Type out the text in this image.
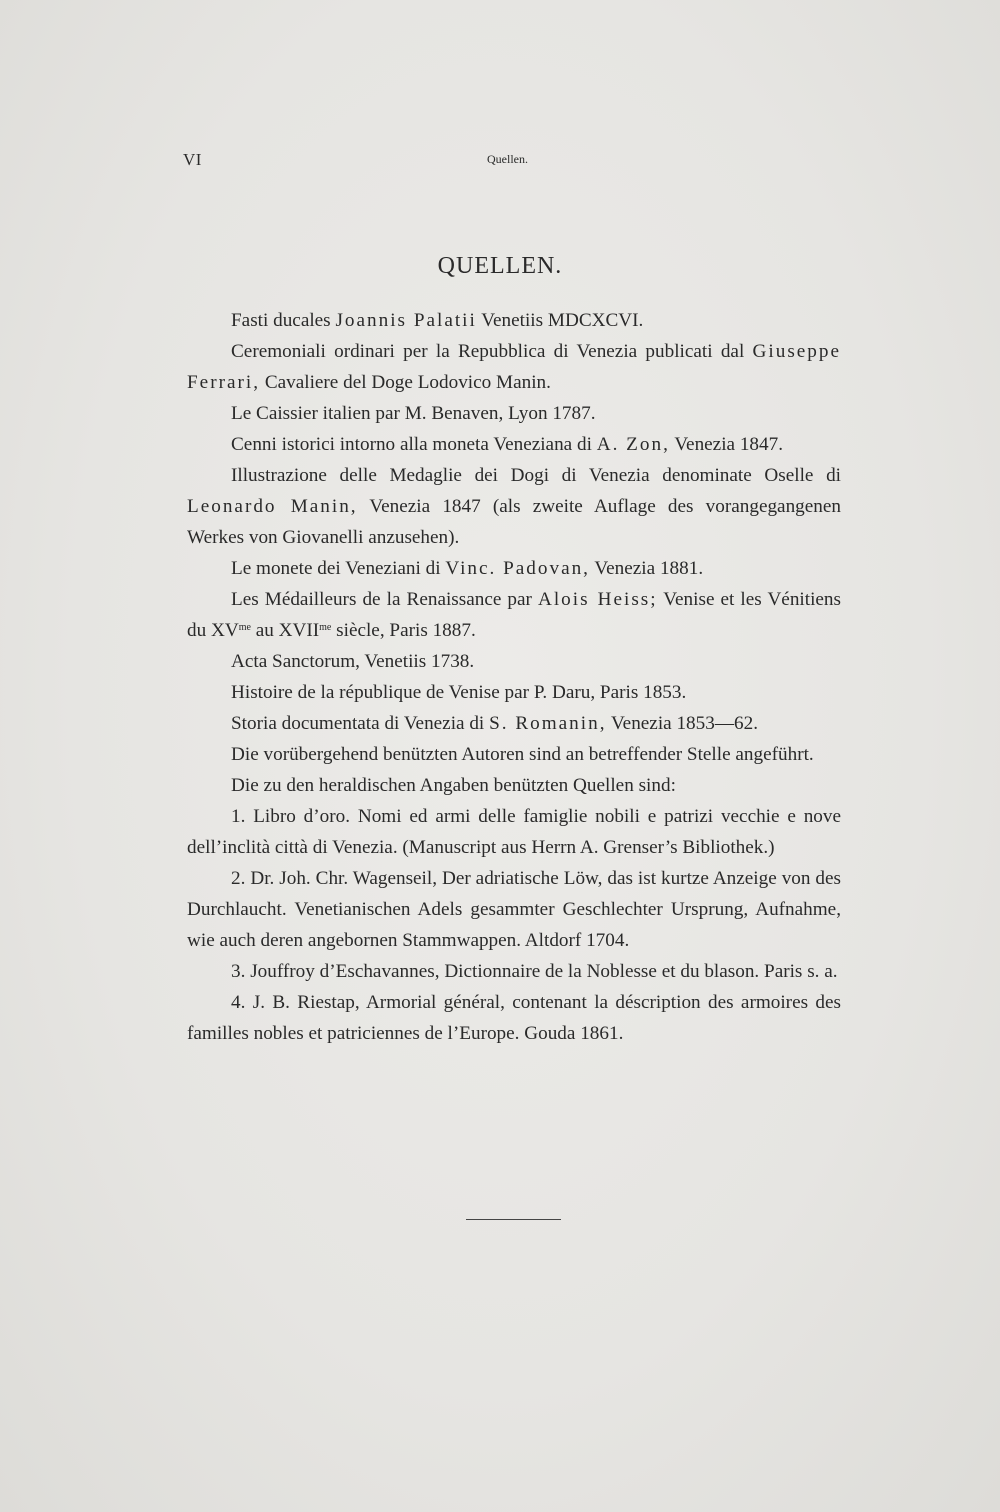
VI	Quellen.
QUELLEN.

Fasti ducales Joannis Palatii Venetiis MDCXCVI.

Ceremoniali ordinari per la Repubblica di Venezia publicati dal Giuseppe Ferrari, Cavaliere del Doge Lodovico Manin.

Le Caissier italien par M. Benaven, Lyon 1787.

Cenni istorici intorno alla moneta Veneziana di A. Zon, Venezia 1847.

Illustrazione delle Medaglie dei Dogi di Venezia denominate Oselle di Leonardo Manin, Venezia 1847 (als zweite Auflage des vorangegangenen Werkes von Giovanelli anzusehen).

Le monete dei Veneziani di Vinc. Padovan, Venezia 1881.

Les Médailleurs de la Renaissance par Alois Heiss; Venise et les Vénitiens du $XV^{me}$ au $XVII^{me}$ siècle, Paris 1887.

Acta Sanctorum, Venetiis 1738.

Histoire de la république de Venise par P. Daru, Paris 1853.

Storia documentata di Venezia di S. Romanin, Venezia 1853—62.

Die vorübergehend benützten Autoren sind an betreffender Stelle angeführt.

Die zu den heraldischen Angaben benützten Quellen sind:

1. Libro d’oro. Nomi ed armi delle famiglie nobili e patrizi vecchie e nove dell’inclità città di Venezia. (Manuscript aus Herrn A. Grenser’s Bibliothek.)

2. Dr. Joh. Chr. Wagenseil, Der adriatische Löw, das ist kurtze Anzeige von des Durchlaucht. Venetianischen Adels gesammter Geschlechter Ursprung, Aufnahme, wie auch deren angebornen Stammwappen. Altdorf 1704.

3. Jouffroy d’Eschavannes, Dictionnaire de la Noblesse et du blason. Paris s. a.

4. J. B. Riestap, Armorial général, contenant la déscription des armoires des familles nobles et patriciennes de l’Europe. Gouda 1861.
